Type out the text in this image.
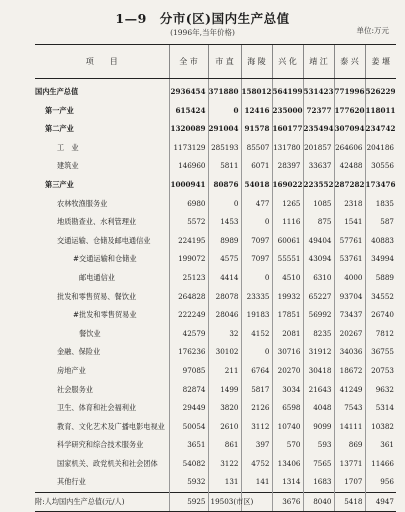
1—9　分市(区)国内生产总值
(1996年,当年价格)	单位:万元
项　　目	全 市	市 直	海 陵	兴 化	靖 江	泰 兴	姜 堰
国内生产总值	2936454	371880	158012	564199	531423	771996	526229
第一产业	615424	0	12416	235000	72377	177620	118011
第二产业	1320089	291004	91578	160177	235494	307094	234742
工　业	1173129	285193	85507	131780	201857	264606	204186
建筑业	146960	5811	6071	28397	33637	42488	30556
第三产业	1000941	80876	54018	169022	223552	287282	173476
农林牧渔服务业	6980	0	477	1265	1085	2318	1835
地质勘查业、水利管理业	5572	1453	0	1116	875	1541	587
交通运输、仓储及邮电通信业	224195	8989	7097	60061	49404	57761	40883
#交通运输和仓储业	199072	4575	7097	55551	43094	53761	34994
邮电通信业	25123	4414	0	4510	6310	4000	5889
批发和零售贸易、餐饮业	264828	28078	23335	19932	65227	93704	34552
#批发和零售贸易业	222249	28046	19183	17851	56992	73437	26740
餐饮业	42579	32	4152	2081	8235	20267	7812
金融、保险业	176236	30102	0	30716	31912	34036	36755
房地产业	97085	211	6764	20270	30418	18672	20753
社会服务业	82874	1499	5817	3034	21643	41249	9632
卫生、体育和社会福利业	29449	3820	2126	6598	4048	7543	5314
教育、文化艺术及广播电影电视业	50054	2610	3112	10740	9099	14111	10382
科学研究和综合技术服务业	3651	861	397	570	593	869	361
国家机关、政党机关和社会团体	54082	3122	4752	13406	7565	13771	11466
其他行业	5932	131	141	1314	1683	1707	956
附:人均国内生产总值(元/人)	5925	19503(市区)		3676	8040	5418	4947
